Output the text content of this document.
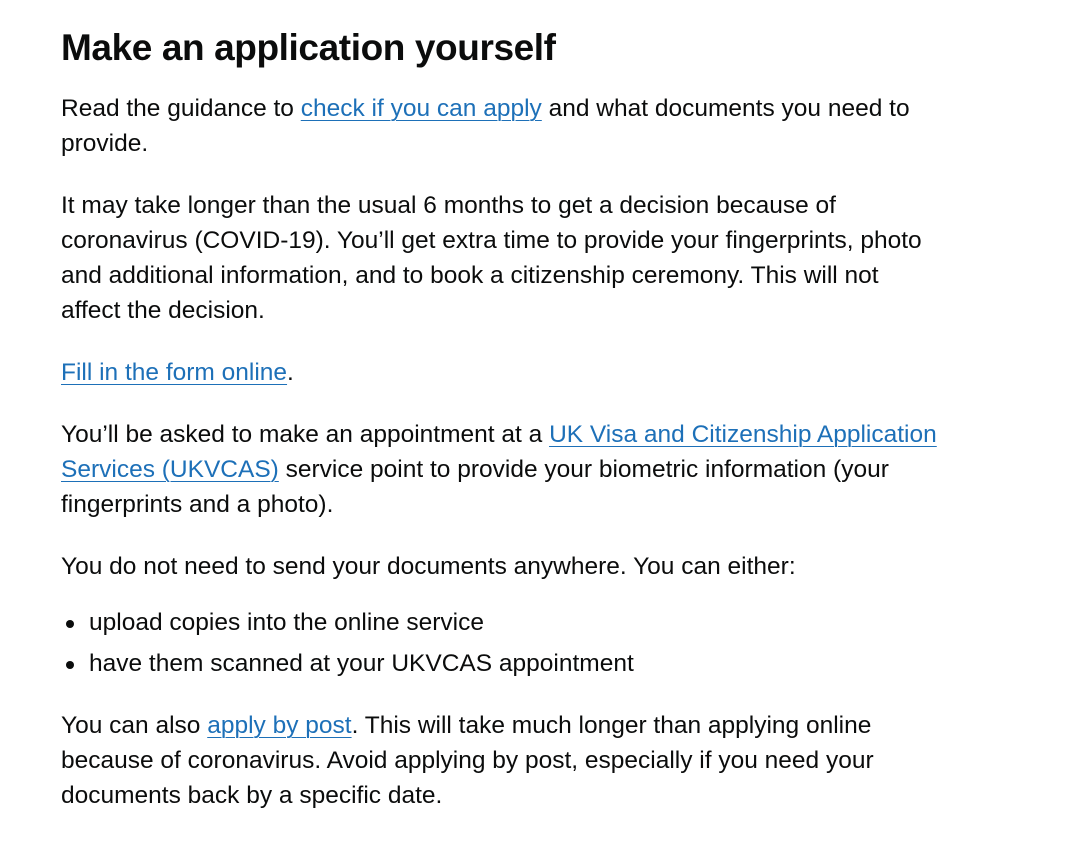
Make an application yourself

Read the guidance to check if you can apply and what documents you need to provide.

It may take longer than the usual 6 months to get a decision because of coronavirus (COVID-19). You’ll get extra time to provide your fingerprints, photo and additional information, and to book a citizenship ceremony. This will not affect the decision.

Fill in the form online.

You’ll be asked to make an appointment at a UK Visa and Citizenship Application Services (UKVCAS) service point to provide your biometric information (your fingerprints and a photo).

You do not need to send your documents anywhere. You can either:

upload copies into the online service
have them scanned at your UKVCAS appointment

You can also apply by post. This will take much longer than applying online because of coronavirus. Avoid applying by post, especially if you need your documents back by a specific date.
